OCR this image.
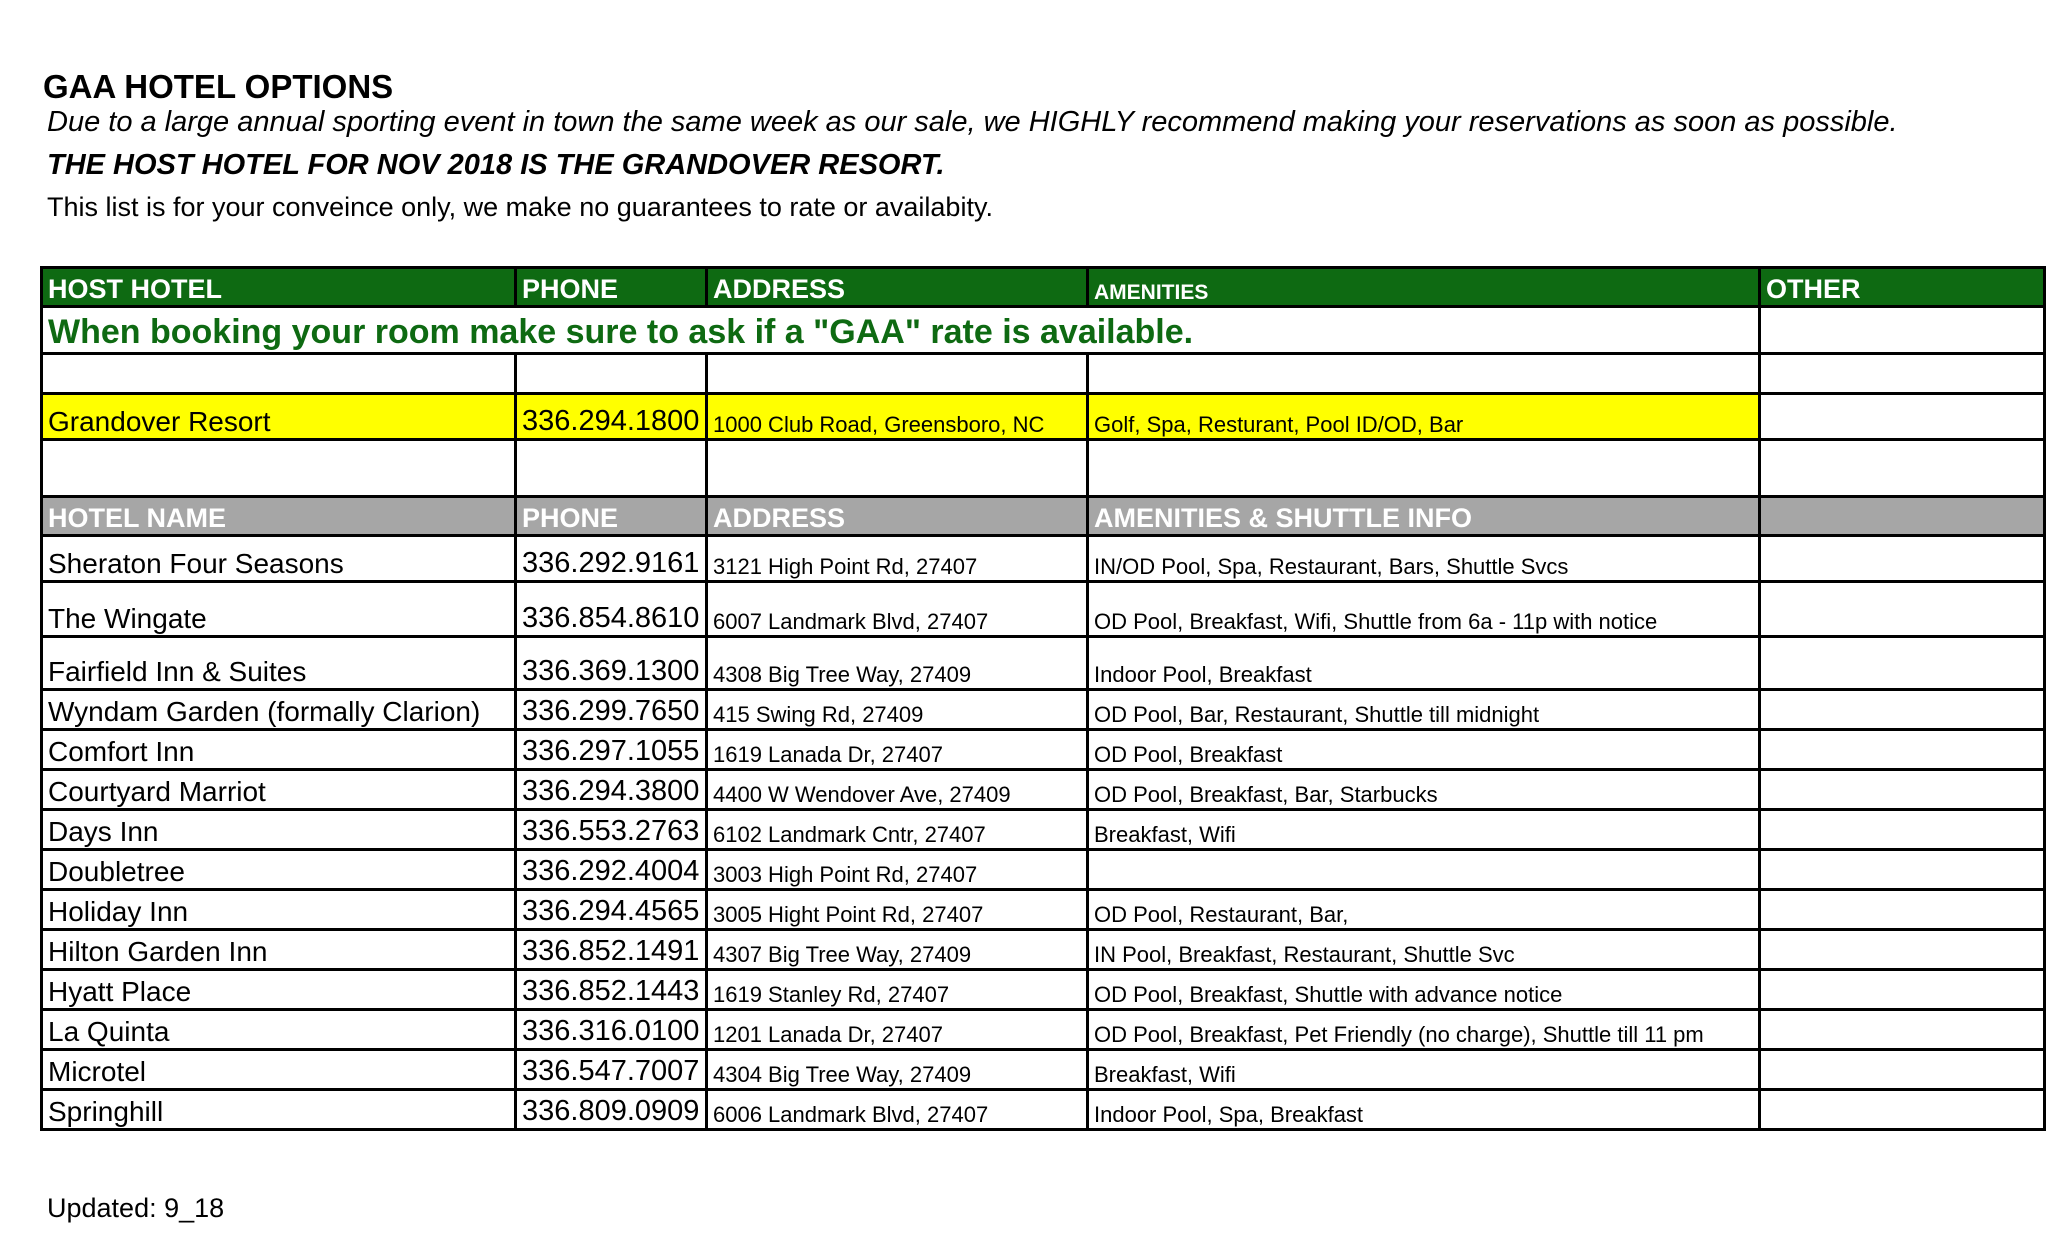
GAA HOTEL OPTIONS
Due to a large annual sporting event in town the same week as our sale, we HIGHLY recommend making your reservations as soon as possible.
THE HOST HOTEL FOR NOV 2018 IS THE GRANDOVER RESORT.
This list is for your conveince only, we make no guarantees to rate or availabity.
HOST HOTEL	PHONE	ADDRESS	AMENITIES	OTHER
When booking your room make sure to ask if a "GAA" rate is available.				

Grandover Resort	336.294.1800	1000 Club Road, Greensboro, NC	Golf, Spa, Resturant, Pool ID/OD, Bar	

HOTEL NAME	PHONE	ADDRESS	AMENITIES & SHUTTLE INFO	
Sheraton Four Seasons	336.292.9161	3121 High Point Rd, 27407	IN/OD Pool, Spa, Restaurant, Bars, Shuttle Svcs	
The Wingate	336.854.8610	6007 Landmark Blvd, 27407	OD Pool, Breakfast, Wifi, Shuttle from 6a - 11p with notice	
Fairfield Inn & Suites	336.369.1300	4308 Big Tree Way, 27409	Indoor Pool, Breakfast	
Wyndam Garden (formally Clarion)	336.299.7650	415 Swing Rd, 27409	OD Pool, Bar, Restaurant, Shuttle till midnight	
Comfort Inn	336.297.1055	1619 Lanada Dr, 27407	OD Pool, Breakfast	
Courtyard Marriot	336.294.3800	4400 W Wendover Ave, 27409	OD Pool, Breakfast, Bar, Starbucks	
Days Inn	336.553.2763	6102 Landmark Cntr, 27407	Breakfast, Wifi	
Doubletree	336.292.4004	3003 High Point Rd, 27407		
Holiday Inn	336.294.4565	3005 Hight Point Rd, 27407	OD Pool, Restaurant, Bar,	
Hilton Garden Inn	336.852.1491	4307 Big Tree Way, 27409	IN Pool, Breakfast, Restaurant, Shuttle Svc	
Hyatt Place	336.852.1443	1619 Stanley Rd, 27407	OD Pool, Breakfast, Shuttle with advance notice	
La Quinta	336.316.0100	1201 Lanada Dr, 27407	OD Pool, Breakfast, Pet Friendly (no charge), Shuttle till 11 pm	
Microtel	336.547.7007	4304 Big Tree Way, 27409	Breakfast, Wifi	
Springhill	336.809.0909	6006 Landmark Blvd, 27407	Indoor Pool, Spa, Breakfast	
Updated: 9_18
